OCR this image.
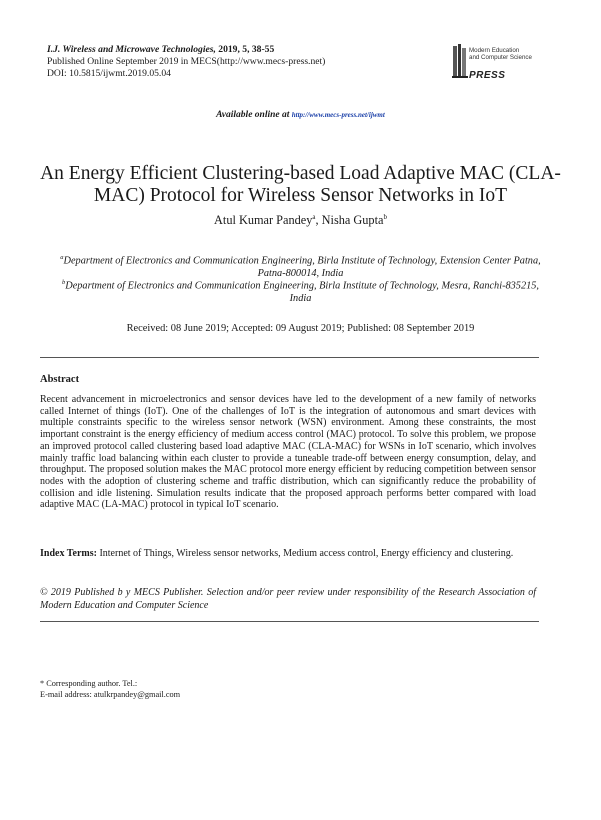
I.J. Wireless and Microwave Technologies, 2019, 5, 38-55
Published Online September 2019 in MECS(http://www.mecs-press.net)
DOI: 10.5815/ijwmt.2019.05.04
Modern Education
and Computer Science
PRESS
Available online at http://www.mecs-press.net/ijwmt
An Energy Efficient Clustering-based Load Adaptive MAC (CLA-MAC) Protocol for Wireless Sensor Networks in IoT
Atul Kumar Pandey$^a$, Nisha Gupta$^b$
$^a$Department of Electronics and Communication Engineering, Birla Institute of Technology, Extension Center Patna, Patna-800014, India
$^b$Department of Electronics and Communication Engineering, Birla Institute of Technology, Mesra, Ranchi-835215, India
Received: 08 June 2019; Accepted: 09 August 2019; Published: 08 September 2019
Abstract
Recent advancement in microelectronics and sensor devices have led to the development of a new family of networks called Internet of things (IoT). One of the challenges of IoT is the integration of autonomous and smart devices with multiple constraints specific to the wireless sensor network (WSN) environment. Among these constraints, the most important constraint is the energy efficiency of medium access control (MAC) protocol. To solve this problem, we propose an improved protocol called clustering based load adaptive MAC (CLA-MAC) for WSNs in IoT scenario, which involves mainly traffic load balancing within each cluster to provide a tuneable trade-off between energy consumption, delay, and throughput. The proposed solution makes the MAC protocol more energy efficient by reducing competition between sensor nodes with the adoption of clustering scheme and traffic distribution, which can significantly reduce the probability of collision and idle listening. Simulation results indicate that the proposed approach performs better compared with load adaptive MAC (LA-MAC) protocol in typical IoT scenario.
Index Terms: Internet of Things, Wireless sensor networks, Medium access control, Energy efficiency and clustering.
© 2019 Published b y MECS Publisher. Selection and/or peer review under responsibility of the Research Association of Modern Education and Computer Science
* Corresponding author. Tel.:
E-mail address: atulkrpandey@gmail.com
